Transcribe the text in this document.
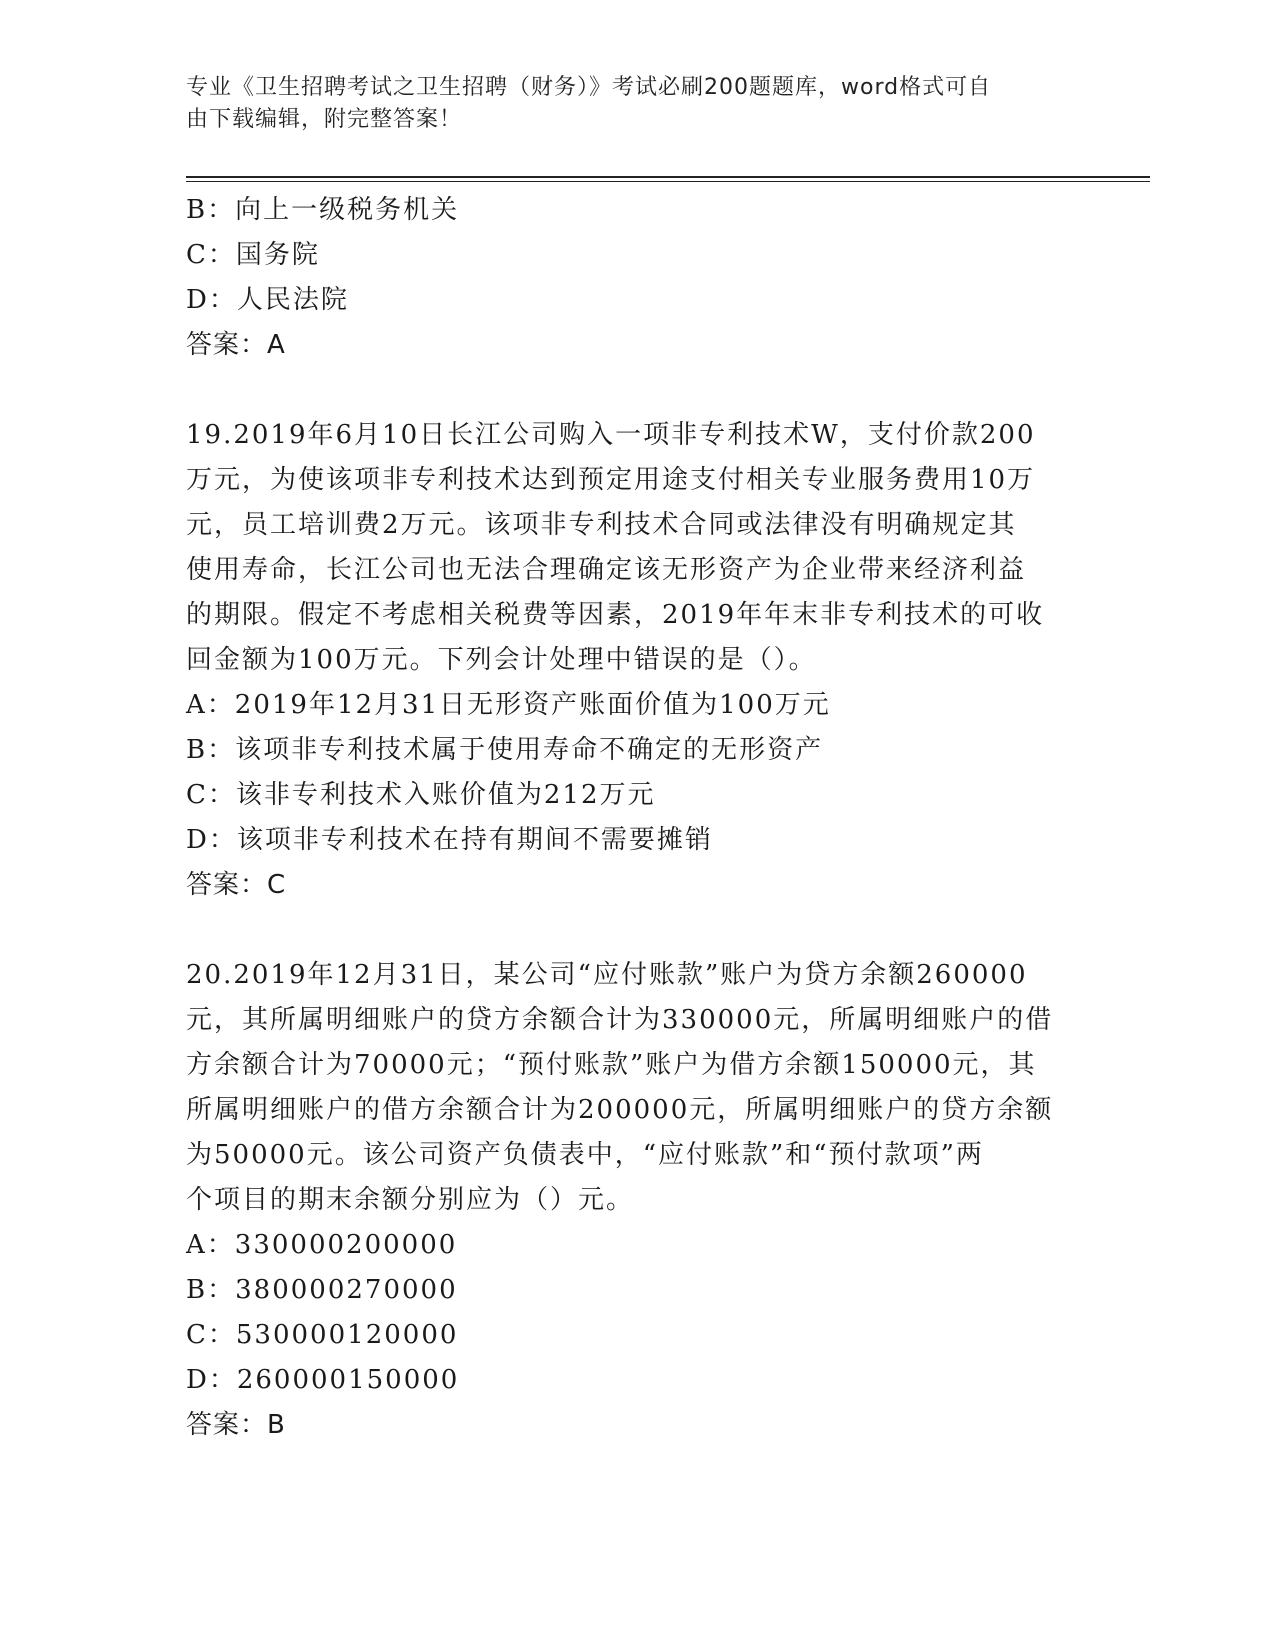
专业《卫生招聘考试之卫生招聘（财务）》考试必刷200题题库，word格式可自
由下载编辑，附完整答案！
B：向上一级税务机关
C：国务院
D：人民法院
答案：A
19.2019年6月10日长江公司购入一项非专利技术W，支付价款200
万元，为使该项非专利技术达到预定用途支付相关专业服务费用10万
元，员工培训费2万元。该项非专利技术合同或法律没有明确规定其
使用寿命，长江公司也无法合理确定该无形资产为企业带来经济利益
的期限。假定不考虑相关税费等因素，2019年年末非专利技术的可收
回金额为100万元。下列会计处理中错误的是（）。
A：2019年12月31日无形资产账面价值为100万元
B：该项非专利技术属于使用寿命不确定的无形资产
C：该非专利技术入账价值为212万元
D：该项非专利技术在持有期间不需要摊销
答案：C
20.2019年12月31日，某公司“应付账款”账户为贷方余额260000
元，其所属明细账户的贷方余额合计为330000元，所属明细账户的借
方余额合计为70000元；“预付账款”账户为借方余额150000元，其
所属明细账户的借方余额合计为200000元，所属明细账户的贷方余额
为50000元。该公司资产负债表中，“应付账款”和“预付款项”两
个项目的期末余额分别应为（）元。
A：330000200000
B：380000270000
C：530000120000
D：260000150000
答案：B
